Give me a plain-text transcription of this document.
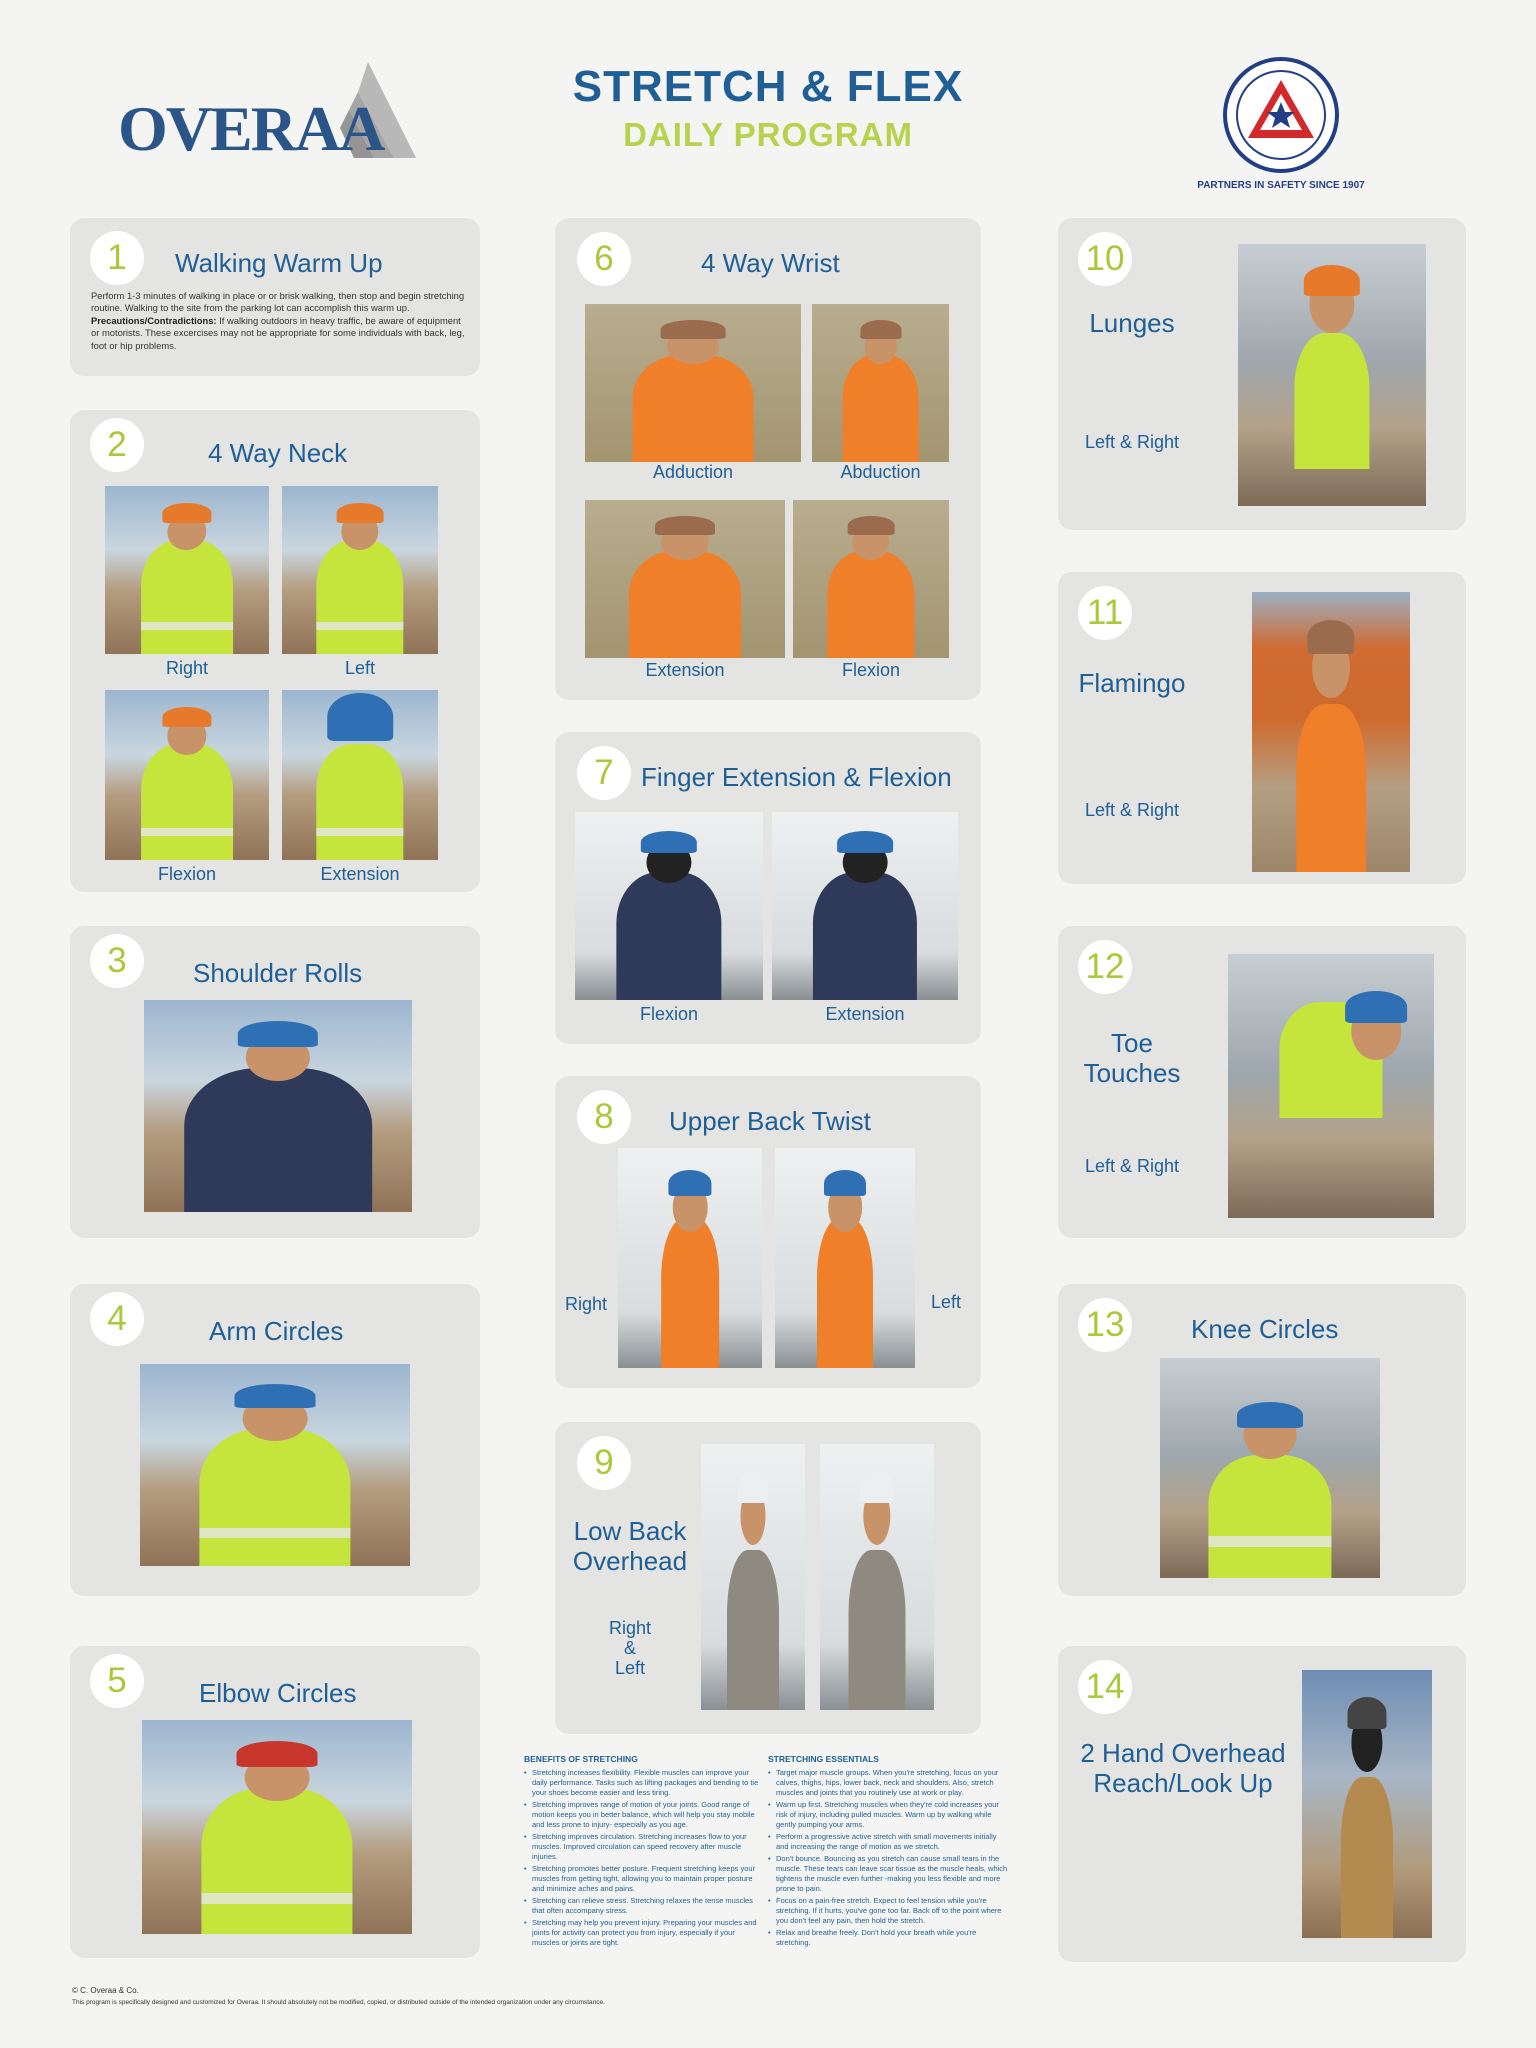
OVERAA
STRETCH & FLEX
DAILY PROGRAM
PARTNERS IN SAFETY SINCE 1907
1	Walking Warm Up
Perform 1-3 minutes of walking in place or or brisk walking, then stop and begin stretching routine. Walking to the site from the parking lot can accomplish this warm up.
Precautions/Contradictions: If walking outdoors in heavy traffic, be aware of equipment or motorists. These excercises may not be appropriate for some individuals with back, leg, foot or hip problems.
2	4 Way Neck
Right	Left
Flexion	Extension
3	Shoulder Rolls
4	Arm Circles
5	Elbow Circles
6	4 Way Wrist
Adduction	Abduction
Extension	Flexion
7	Finger Extension & Flexion
Flexion	Extension
8	Upper Back Twist
Right	Left
9
Low Back
Overhead
Right
&
Left
BENEFITS OF STRETCHING
• Stretching increases flexibility. Flexible muscles can improve your daily performance. Tasks such as lifting packages and bending to tie your shoes become easier and less tiring.
• Stretching improves range of motion of your joints. Good range of motion keeps you in better balance, which will help you stay mobile and less prone to injury- especially as you age.
• Stretching improves circulation. Stretching increases flow to your muscles. Improved circulation can speed recovery after muscle injuries.
• Stretching promotes better posture. Frequent stretching keeps your muscles from getting tight, allowing you to maintain proper posture and minimize aches and pains.
• Stretching can relieve stress. Stretching relaxes the tense muscles that often accompany stress.
• Stretching may help you prevent injury. Preparing your muscles and joints for activity can protect you from injury, especially if your muscles or joints are tight.
STRETCHING ESSENTIALS
• Target major muscle groups. When you're stretching, focus on your calves, thighs, hips, lower back, neck and shoulders. Also, stretch muscles and joints that you routinely use at work or play.
• Warm up first. Stretching muscles when they're cold increases your risk of injury, including pulled muscles. Warm up by walking while gently pumping your arms.
• Perform a progressive active stretch with small movements initially and increasing the range of motion as we stretch.
• Don't bounce. Bouncing as you stretch can cause small tears in the muscle. These tears can leave scar tissue as the muscle heals, which tightens the muscle even further -making you less flexible and more prone to pain.
• Focus on a pain-free stretch. Expect to feel tension while you're stretching. If it hurts, you've gone too far. Back off to the point where you don't feel any pain, then hold the stretch.
• Relax and breathe freely. Don't hold your breath while you're stretching.
10
Lunges
Left & Right
11
Flamingo
Left & Right
12
Toe
Touches
Left & Right
13	Knee Circles
14
2 Hand Overhead
Reach/Look Up
© C. Overaa & Co.
This program is specifically designed and customized for Overaa. It should absolutely not be modified, copied, or distributed outside of the intended organization under any circumstance.
